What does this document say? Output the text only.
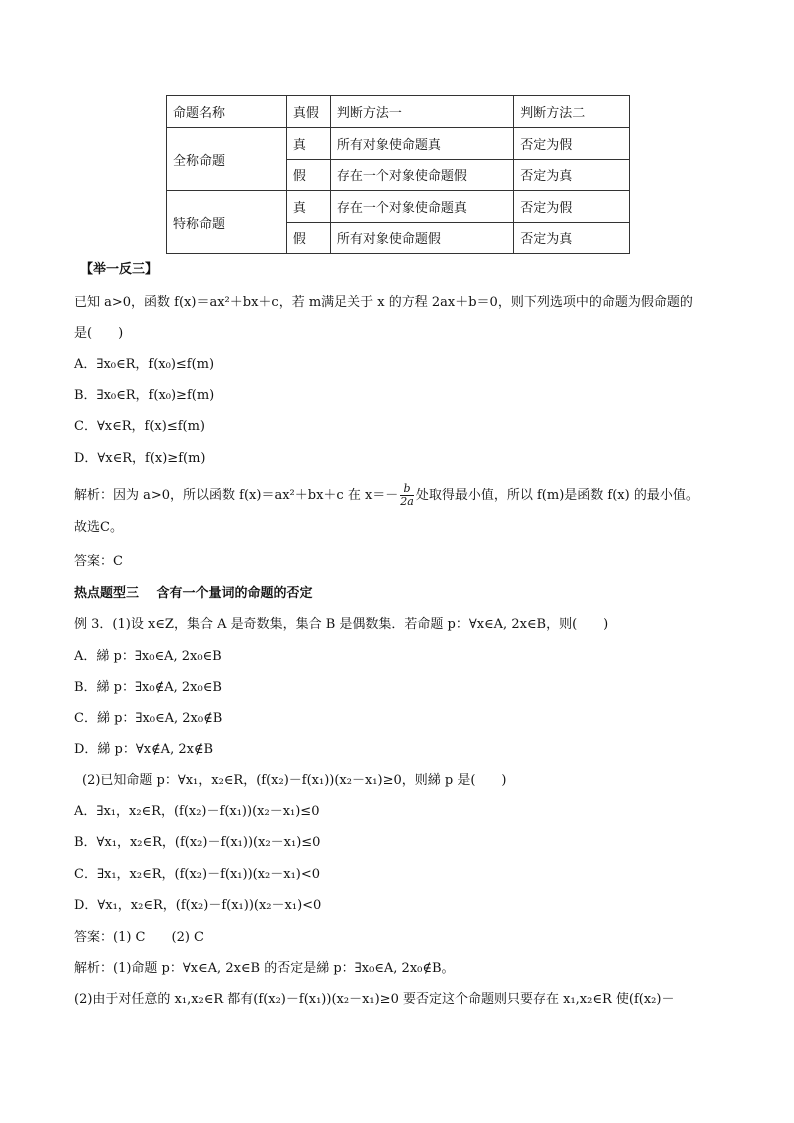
命题名称	真假	判断方法一	判断方法二
全称命题	真	所有对象使命题真	否定为假
	假	存在一个对象使命题假	否定为真
特称命题	真	存在一个对象使命题真	否定为假
	假	所有对象使命题假	否定为真
【举一反三】
已知 a>0，函数 f(x)＝ax²＋bx＋c，若 m满足关于 x 的方程 2ax＋b＝0，则下列选项中的命题为假命题的
是(　　)
A．∃x₀∈R，f(x₀)≤f(m)
B．∃x₀∈R，f(x₀)≥f(m)
C．∀x∈R，f(x)≤f(m)
D．∀x∈R，f(x)≥f(m)
解析：因为 a>0，所以函数 f(x)＝ax²＋bx＋c 在 $x=- \frac{b}{2a}$ 处取得最小值，所以 f(m)是函数 f(x) 的最小值。
故选C。
答案：C
热点题型三　 含有一个量词的命题的否定
例 3．(1)设 x∈Z，集合 A 是奇数集，集合 B 是偶数集．若命题 p：∀x∈A, 2x∈B，则(　　)
A．綈 p：∃x₀∈A, 2x₀∈B
B．綈 p：∃x₀∉A, 2x₀∈B
C．綈 p：∃x₀∈A, 2x₀∉B
D．綈 p：∀x∉A, 2x∉B
(2)已知命题 p：∀x₁，x₂∈R，(f(x₂)－f(x₁))(x₂－x₁)≥0，则綈 p 是(　　)
A．∃x₁，x₂∈R，(f(x₂)－f(x₁))(x₂－x₁)≤0
B．∀x₁，x₂∈R，(f(x₂)－f(x₁))(x₂－x₁)≤0
C．∃x₁，x₂∈R，(f(x₂)－f(x₁))(x₂－x₁)<0
D．∀x₁，x₂∈R，(f(x₂)－f(x₁))(x₂－x₁)<0
答案：(1) C　　(2) C
解析：(1)命题 p：∀x∈A, 2x∈B 的否定是綈 p：∃x₀∈A, 2x₀∉B。
(2)由于对任意的 x₁,x₂∈R 都有(f(x₂)－f(x₁))(x₂－x₁)≥0 要否定这个命题则只要存在 x₁,x₂∈R 使(f(x₂)－
